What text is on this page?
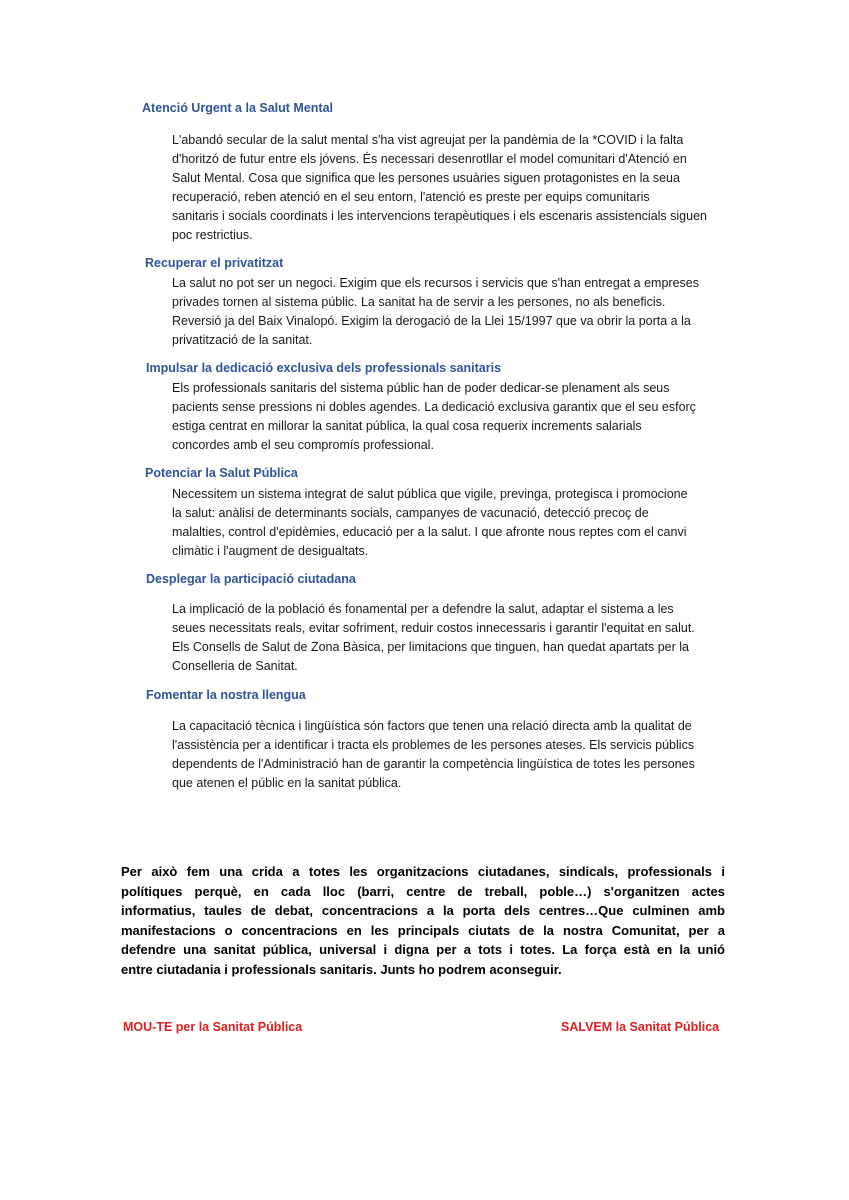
Atenció Urgent a la Salut Mental
L'abandó secular de la salut mental s'ha vist agreujat per la pandèmia de la *COVID i la falta
d'horitzó de futur entre els jóvens. És necessari desenrotllar el model comunitari d'Atenció en
Salut Mental. Cosa que significa que les persones usuàries siguen protagonistes en la seua
recuperació, reben atenció en el seu entorn, l'atenció es preste per equips comunitaris
sanitaris i socials coordinats i les intervencions terapèutiques i els escenaris assistencials siguen
poc restrictius.
Recuperar el privatitzat
La salut no pot ser un negoci. Exigim que els recursos i servicis que s'han entregat a empreses
privades tornen al sistema públic. La sanitat ha de servir a les persones, no als beneficis.
Reversió ja del Baix Vinalopó. Exigim la derogació de la Llei 15/1997 que va obrir la porta a la
privatització de la sanitat.
Impulsar la dedicació exclusiva dels professionals sanitaris
Els professionals sanitaris del sistema públic han de poder dedicar-se plenament als seus
pacients sense pressions ni dobles agendes. La dedicació exclusiva garantix que el seu esforç
estiga centrat en millorar la sanitat pública, la qual cosa requerix increments salarials
concordes amb el seu compromís professional.
Potenciar la Salut Pública
Necessitem un sistema integrat de salut pública que vigile, previnga, protegisca i promocione
la salut: anàlisi de determinants socials, campanyes de vacunació, detecció precoç de
malalties, control d'epidèmies, educació per a la salut. I que afronte nous reptes com el canvi
climàtic i l'augment de desigualtats.
Desplegar la participació ciutadana
La implicació de la població és fonamental per a defendre la salut, adaptar el sistema a les
seues necessitats reals, evitar sofriment, reduir costos innecessaris i garantir l'equitat en salut.
Els Consells de Salut de Zona Bàsica, per limitacions que tinguen, han quedat apartats per la
Conselleria de Sanitat.
Fomentar la nostra llengua
La capacitació tècnica i lingüística són factors que tenen una relació directa amb la qualitat de
l'assistència per a identificar i tracta els problemes de les persones ateses. Els servicis públics
dependents de l'Administració han de garantir la competència lingüística de totes les persones
que atenen el públic en la sanitat pública.
Per això fem una crida a totes les organitzacions ciutadanes, sindicals, professionals i
polítiques perquè, en cada lloc (barri, centre de treball, poble…) s'organitzen actes
informatius, taules de debat, concentracions a la porta dels centres…Que culminen amb
manifestacions o concentracions en les principals ciutats de la nostra Comunitat, per a
defendre una sanitat pública, universal i digna per a tots i totes. La força està en la unió
entre ciutadania i professionals sanitaris. Junts ho podrem aconseguir.
MOU-TE per la Sanitat Pública	SALVEM la Sanitat Pública
